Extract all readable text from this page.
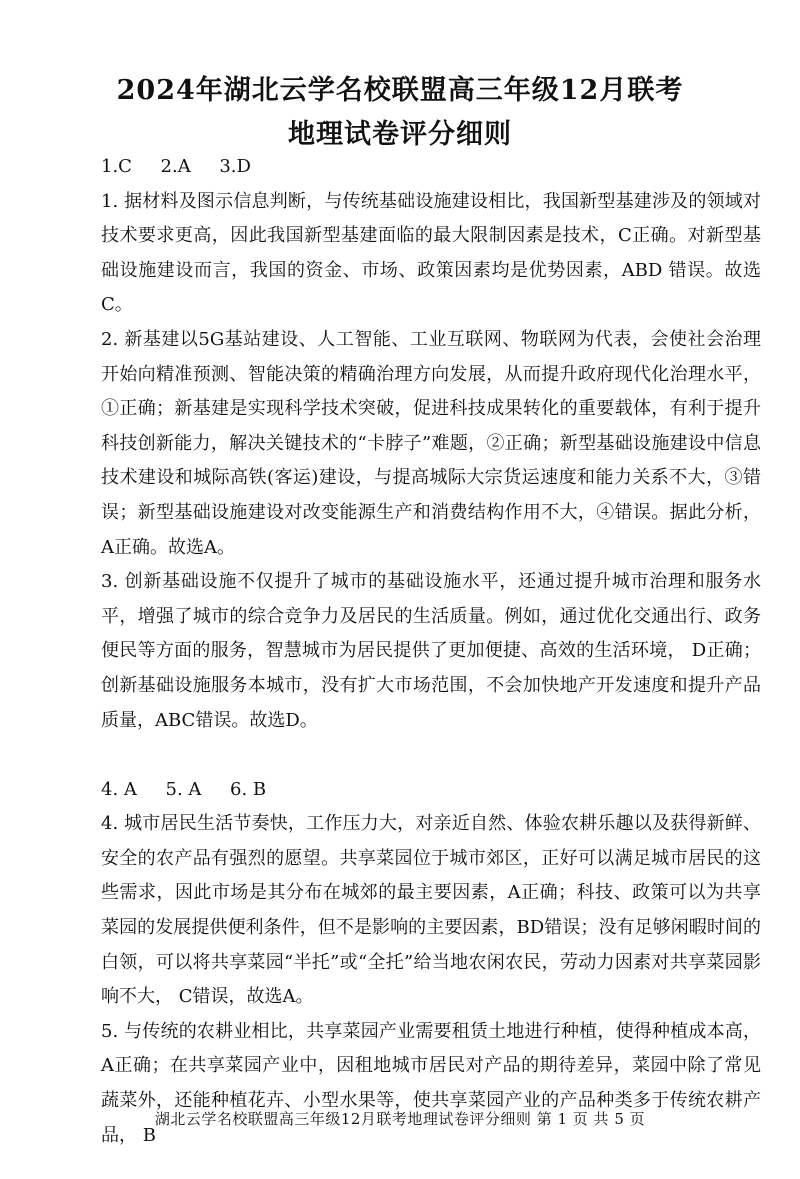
2024年湖北云学名校联盟高三年级12月联考
地理试卷评分细则

1.C     2.A     3.D

1. 据材料及图示信息判断，与传统基础设施建设相比，我国新型基建涉及的领域对技术要求更高，因此我国新型基建面临的最大限制因素是技术，C正确。对新型基础设施建设而言，我国的资金、市场、政策因素均是优势因素，ABD 错误。故选C。

2. 新基建以5G基站建设、人工智能、工业互联网、物联网为代表，会使社会治理开始向精准预测、智能决策的精确治理方向发展，从而提升政府现代化治理水平，①正确；新基建是实现科学技术突破，促进科技成果转化的重要载体，有利于提升科技创新能力，解决关键技术的“卡脖子”难题，②正确；新型基础设施建设中信息技术建设和城际高铁(客运)建设，与提高城际大宗货运速度和能力关系不大，③错误；新型基础设施建设对改变能源生产和消费结构作用不大，④错误。据此分析，A正确。故选A。

3. 创新基础设施不仅提升了城市的基础设施水平，还通过提升城市治理和服务水平，增强了城市的综合竞争力及居民的生活质量。例如，通过优化交通出行、政务便民等方面的服务，智慧城市为居民提供了更加便捷、高效的生活环境， D正确；创新基础设施服务本城市，没有扩大市场范围，不会加快地产开发速度和提升产品质量，ABC错误。故选D。

4. A     5. A     6. B

4. 城市居民生活节奏快，工作压力大，对亲近自然、体验农耕乐趣以及获得新鲜、安全的农产品有强烈的愿望。共享菜园位于城市郊区，正好可以满足城市居民的这些需求，因此市场是其分布在城郊的最主要因素，A正确；科技、政策可以为共享菜园的发展提供便利条件，但不是影响的主要因素，BD错误；没有足够闲暇时间的白领，可以将共享菜园“半托”或“全托”给当地农闲农民，劳动力因素对共享菜园影响不大， C错误，故选A。

5. 与传统的农耕业相比，共享菜园产业需要租赁土地进行种植，使得种植成本高，A正确；在共享菜园产业中，因租地城市居民对产品的期待差异，菜园中除了常见蔬菜外，还能种植花卉、小型水果等，使共享菜园产业的产品种类多于传统农耕产品， B

湖北云学名校联盟高三年级12月联考地理试卷评分细则 第 1 页 共 5 页
